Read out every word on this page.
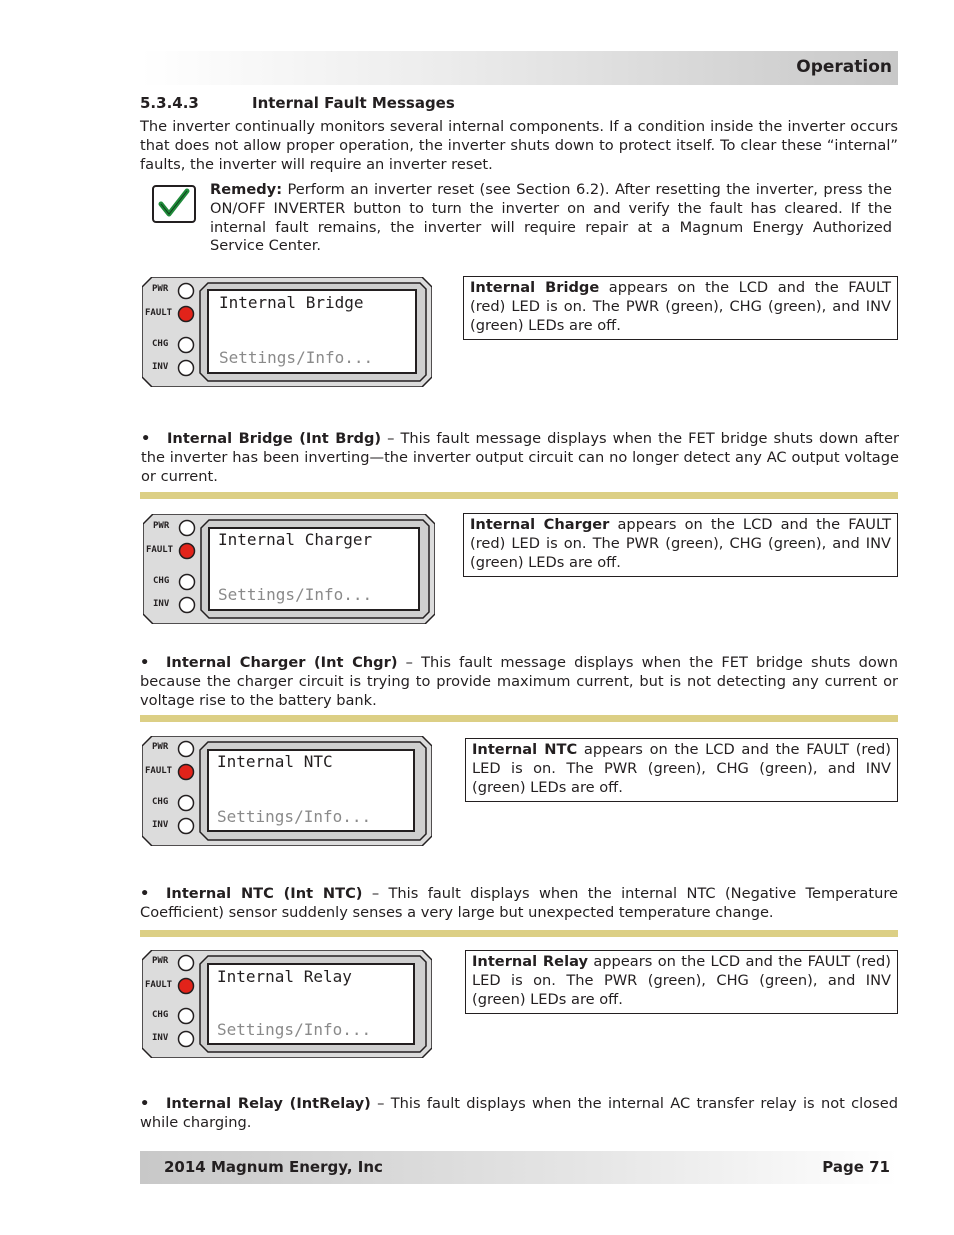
Operation
5.3.4.3	Internal Fault Messages
The inverter continually monitors several internal components. If a condition inside the inverter occurs that does not allow proper operation, the inverter shuts down to protect itself. To clear these “internal” faults, the inverter will require an inverter reset.
Remedy: Perform an inverter reset (see Section 6.2). After resetting the inverter, press the ON/OFF INVERTER button to turn the inverter on and verify the fault has cleared. If the internal fault remains, the inverter will require repair at a Magnum Energy Authorized Service Center.
PWR
FAULT
CHG
INV
Internal Bridge
Settings/Info...
Internal Bridge appears on the LCD and the FAULT (red) LED is on. The PWR (green), CHG (green), and INV (green) LEDs are off.
• Internal Bridge (Int Brdg) – This fault message displays when the FET bridge shuts down after the inverter has been inverting—the inverter output circuit can no longer detect any AC output voltage or current.
PWR
FAULT
CHG
INV
Internal Charger
Settings/Info...
Internal Charger appears on the LCD and the FAULT (red) LED is on. The PWR (green), CHG (green), and INV (green) LEDs are off.
• Internal Charger (Int Chgr) – This fault message displays when the FET bridge shuts down because the charger circuit is trying to provide maximum current, but is not detecting any current or voltage rise to the battery bank.
PWR
FAULT
CHG
INV
Internal NTC
Settings/Info...
Internal NTC appears on the LCD and the FAULT (red) LED is on. The PWR (green), CHG (green), and INV (green) LEDs are off.
• Internal NTC (Int NTC) – This fault displays when the internal NTC (Negative Temperature Coefficient) sensor suddenly senses a very large but unexpected temperature change.
PWR
FAULT
CHG
INV
Internal Relay
Settings/Info...
Internal Relay appears on the LCD and the FAULT (red) LED is on. The PWR (green), CHG (green), and INV (green) LEDs are off.
• Internal Relay (IntRelay) – This fault displays when the internal AC transfer relay is not closed while charging.
2014 Magnum Energy, Inc	Page 71
